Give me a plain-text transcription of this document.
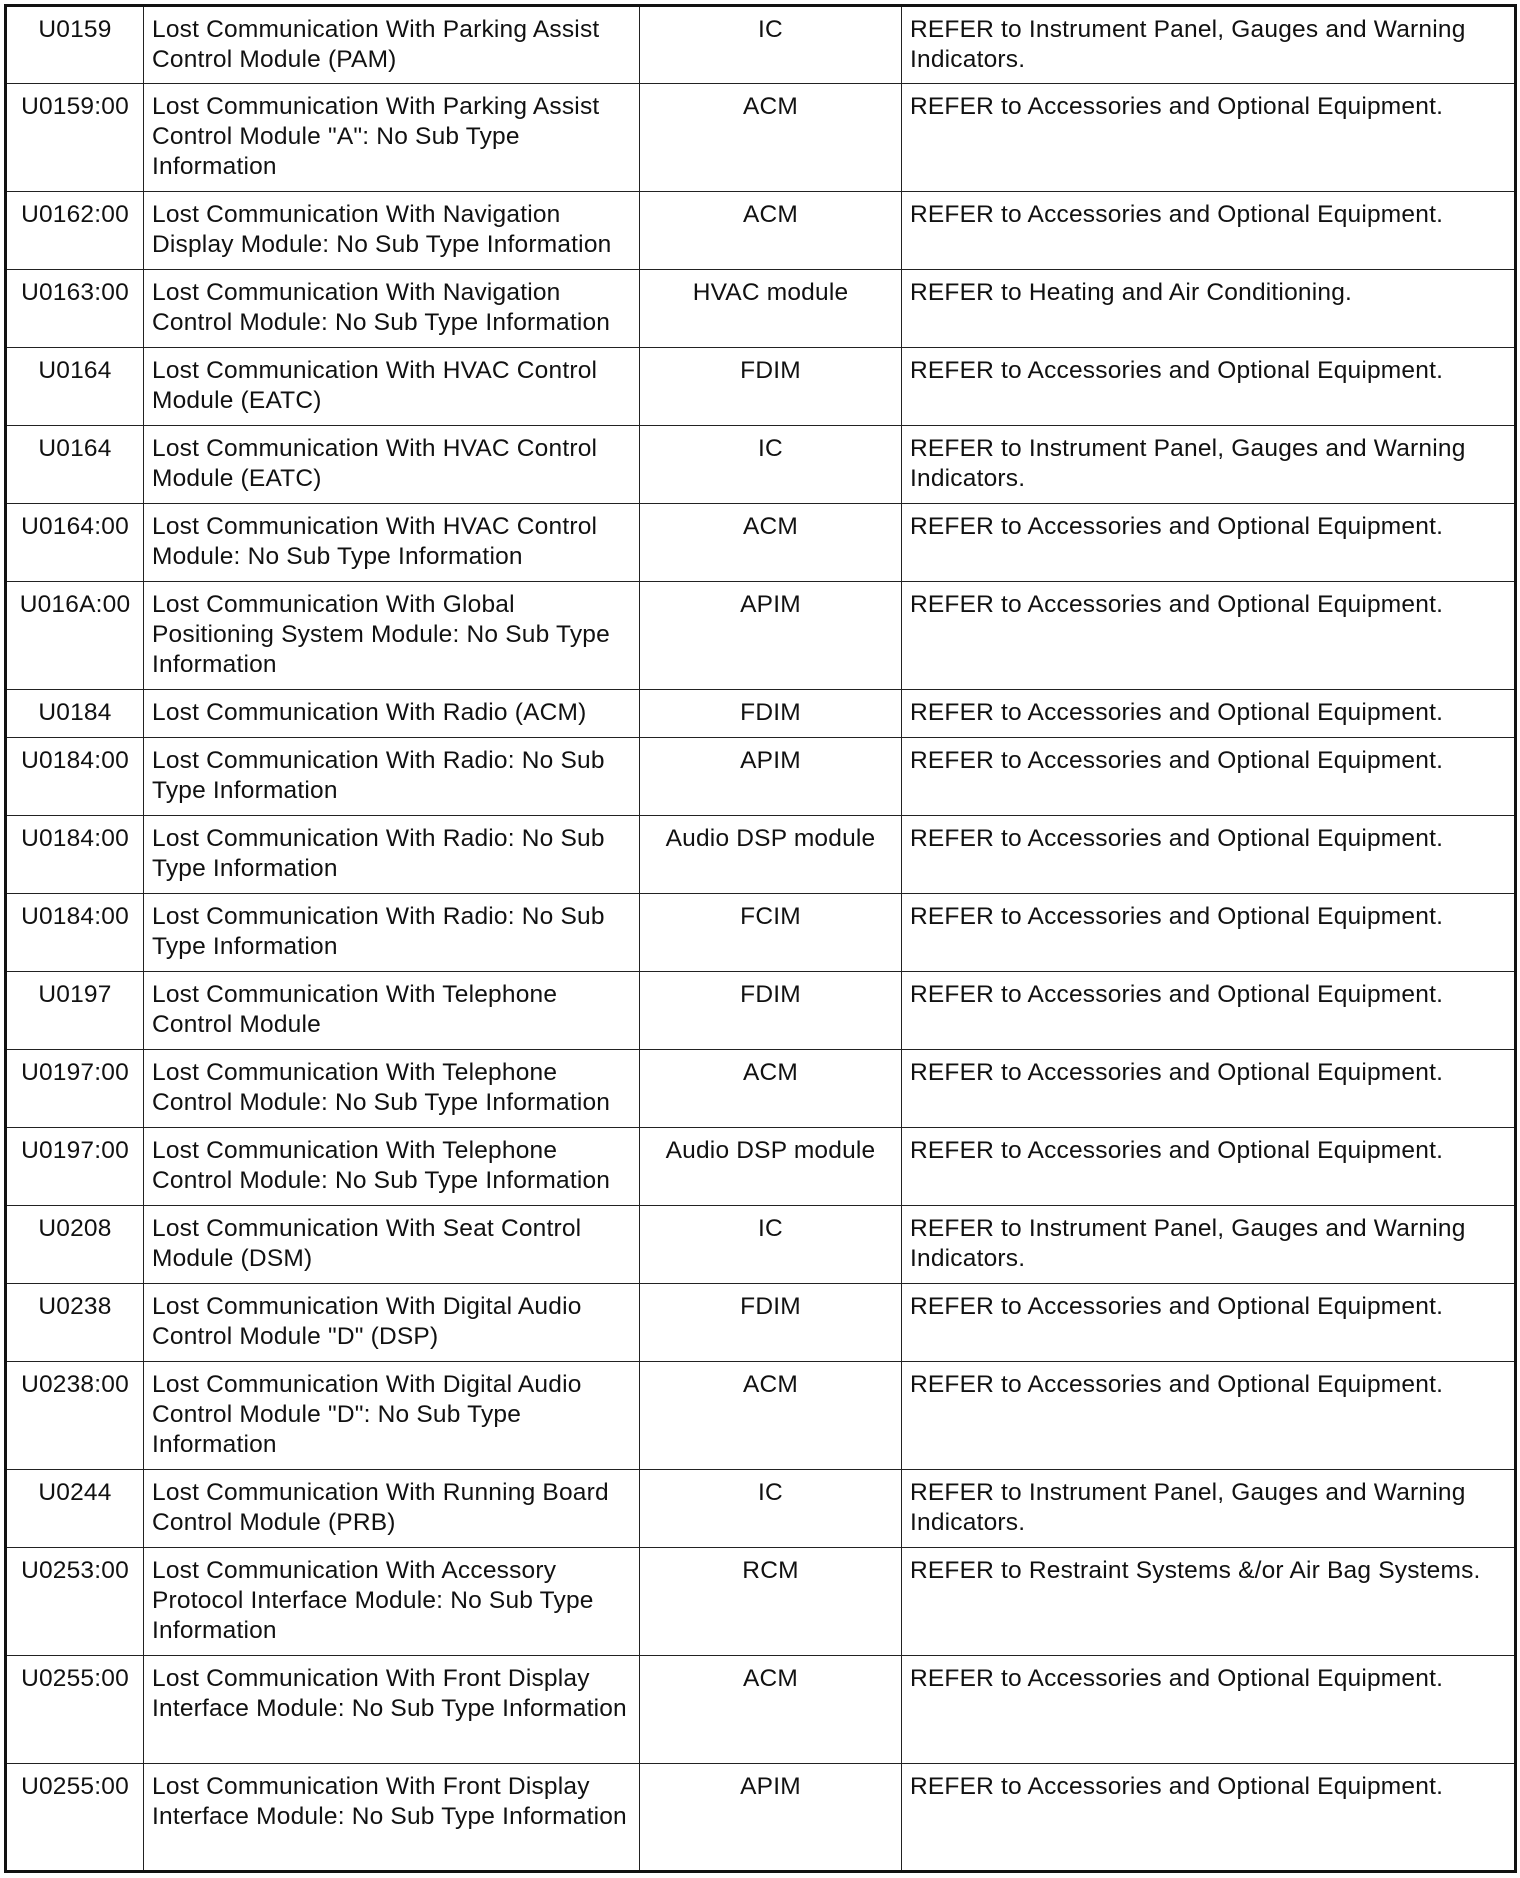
U0159	Lost Communication With Parking Assist Control Module (PAM)	IC	REFER to Instrument Panel, Gauges and Warning Indicators.
U0159:00	Lost Communication With Parking Assist Control Module "A": No Sub Type Information	ACM	REFER to Accessories and Optional Equipment.
U0162:00	Lost Communication With Navigation Display Module: No Sub Type Information	ACM	REFER to Accessories and Optional Equipment.
U0163:00	Lost Communication With Navigation Control Module: No Sub Type Information	HVAC module	REFER to Heating and Air Conditioning.
U0164	Lost Communication With HVAC Control Module (EATC)	FDIM	REFER to Accessories and Optional Equipment.
U0164	Lost Communication With HVAC Control Module (EATC)	IC	REFER to Instrument Panel, Gauges and Warning Indicators.
U0164:00	Lost Communication With HVAC Control Module: No Sub Type Information	ACM	REFER to Accessories and Optional Equipment.
U016A:00	Lost Communication With Global Positioning System Module: No Sub Type Information	APIM	REFER to Accessories and Optional Equipment.
U0184	Lost Communication With Radio (ACM)	FDIM	REFER to Accessories and Optional Equipment.
U0184:00	Lost Communication With Radio: No Sub Type Information	APIM	REFER to Accessories and Optional Equipment.
U0184:00	Lost Communication With Radio: No Sub Type Information	Audio DSP module	REFER to Accessories and Optional Equipment.
U0184:00	Lost Communication With Radio: No Sub Type Information	FCIM	REFER to Accessories and Optional Equipment.
U0197	Lost Communication With Telephone Control Module	FDIM	REFER to Accessories and Optional Equipment.
U0197:00	Lost Communication With Telephone Control Module: No Sub Type Information	ACM	REFER to Accessories and Optional Equipment.
U0197:00	Lost Communication With Telephone Control Module: No Sub Type Information	Audio DSP module	REFER to Accessories and Optional Equipment.
U0208	Lost Communication With Seat Control Module (DSM)	IC	REFER to Instrument Panel, Gauges and Warning Indicators.
U0238	Lost Communication With Digital Audio Control Module "D" (DSP)	FDIM	REFER to Accessories and Optional Equipment.
U0238:00	Lost Communication With Digital Audio Control Module "D": No Sub Type Information	ACM	REFER to Accessories and Optional Equipment.
U0244	Lost Communication With Running Board Control Module (PRB)	IC	REFER to Instrument Panel, Gauges and Warning Indicators.
U0253:00	Lost Communication With Accessory Protocol Interface Module: No Sub Type Information	RCM	REFER to Restraint Systems &/or Air Bag Systems.
U0255:00	Lost Communication With Front Display Interface Module: No Sub Type Information	ACM	REFER to Accessories and Optional Equipment.
U0255:00	Lost Communication With Front Display Interface Module: No Sub Type Information	APIM	REFER to Accessories and Optional Equipment.
